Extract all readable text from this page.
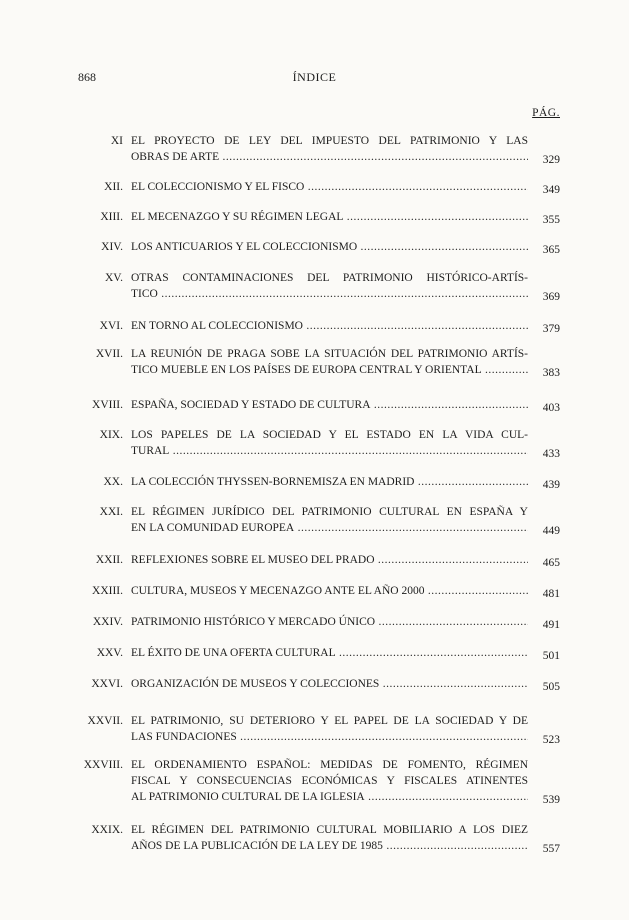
868	ÍNDICE
PÁG.
XI EL PROYECTO DE LEY DEL IMPUESTO DEL PATRIMONIO Y LAS
OBRAS DE ARTE .....	329
XII. EL COLECCIONISMO Y EL FISCO .....	349
XIII. EL MECENAZGO Y SU RÉGIMEN LEGAL .....	355
XIV. LOS ANTICUARIOS Y EL COLECCIONISMO .....	365
XV. OTRAS CONTAMINACIONES DEL PATRIMONIO HISTÓRICO-ARTÍS-
TICO .....	369
XVI. EN TORNO AL COLECCIONISMO .....	379
XVII. LA REUNIÓN DE PRAGA SOBE LA SITUACIÓN DEL PATRIMONIO ARTÍS-
TICO MUEBLE EN LOS PAÍSES DE EUROPA CENTRAL Y ORIENTAL .....	383
XVIII. ESPAÑA, SOCIEDAD Y ESTADO DE CULTURA .....	403
XIX. LOS PAPELES DE LA SOCIEDAD Y EL ESTADO EN LA VIDA CUL-
TURAL .....	433
XX. LA COLECCIÓN THYSSEN-BORNEMISZA EN MADRID .....	439
XXI. EL RÉGIMEN JURÍDICO DEL PATRIMONIO CULTURAL EN ESPAÑA Y
EN LA COMUNIDAD EUROPEA .....	449
XXII. REFLEXIONES SOBRE EL MUSEO DEL PRADO .....	465
XXIII. CULTURA, MUSEOS Y MECENAZGO ANTE EL AÑO 2000 .....	481
XXIV. PATRIMONIO HISTÓRICO Y MERCADO ÚNICO .....	491
XXV. EL ÉXITO DE UNA OFERTA CULTURAL .....	501
XXVI. ORGANIZACIÓN DE MUSEOS Y COLECCIONES .....	505
XXVII. EL PATRIMONIO, SU DETERIORO Y EL PAPEL DE LA SOCIEDAD Y DE
LAS FUNDACIONES .....	523
XXVIII. EL ORDENAMIENTO ESPAÑOL: MEDIDAS DE FOMENTO, RÉGIMEN
FISCAL Y CONSECUENCIAS ECONÓMICAS Y FISCALES ATINENTES
AL PATRIMONIO CULTURAL DE LA IGLESIA .....	539
XXIX. EL RÉGIMEN DEL PATRIMONIO CULTURAL MOBILIARIO A LOS DIEZ
AÑOS DE LA PUBLICACIÓN DE LA LEY DE 1985 .....	557
